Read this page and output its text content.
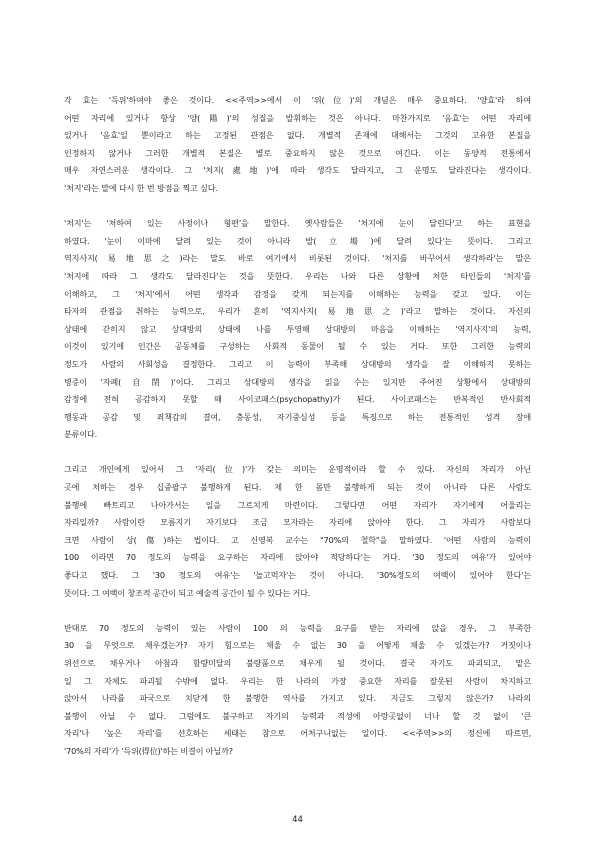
각 효는 '득위'하여야 좋은 것이다. <<주역>>에서 이 '위(位)'의 개념은 매우 중요하다. '양효'라 하여
어떤 자리에 있거나 항상 '양(陽)'의 성질을 발휘하는 것은 아니다. 마찬가지로 '음효'는 어떤 자리에
있거나 '음효'일 뿐이라고 하는 고정된 관점은 없다. 개별적 존재에 대해서는 그것의 고유한 본질을
인정하지 않거나 그러한 개별적 본질은 별로 중요하지 않은 것으로 여긴다. 이는 동양적 전통에서
매우 자연스러운 생각이다. 그 '처지(處地)'에 따라 생각도 달라지고, 그 운명도 달라진다는 생각이다.
'처지'라는 말에 다시 한 번 방점을 찍고 싶다.
'처지'는 '처하여 있는 사정이나 형편'을 말한다. 옛사람들은 '처지에 눈이 달린다'고 하는 표현을
하였다. '눈이 이마에 달려 있는 것이 아니라 발(立場)에 달려 있다'는 뜻이다. 그리고
역지사지(易地思之)라는 말도 바로 여기에서 비롯된 것이다. '처지를 바꾸어서 생각하라'는 말은
'처지에 따라 그 생각도 달라진다'는 것을 뜻한다. 우리는 나와 다른 상황에 처한 타인들의 '처지'를
이해하고, 그 '처지'에서 어떤 생각과 감정을 갖게 되는지를 이해하는 능력을 갖고 있다. 이는
타자의 관점을 취하는 능력으로, 우리가 흔히 '역지사지(易地思之)'라고 말하는 것이다. 자신의
상태에 갇히지 않고 상대방의 상태에 나를 투영해 상대방의 마음을 이해하는 '역지사지'의 능력,
이것이 있기에 인간은 공동체를 구성하는 사회적 동물이 될 수 있는 거다. 또한 그러한 능력의
정도가 사람의 사회성을 결정한다. 그리고 이 능력이 부족해 상대방의 생각을 잘 이해하지 못하는
병증이 '자폐(自閉)'이다. 그리고 상대방의 생각을 읽을 수는 있지만 주어진 상황에서 상대방의
감정에 전혀 공감하지 못할 때 사이코패스(psychopathy)가 된다. 사이코패스는 반복적인 반사회적
행동과 공감 및 죄책감의 결여, 충동성, 자기중심성 등을 특징으로 하는 전통적인 성격 장애
분류이다.
그리고 개인에게 있어서 그 '자리(位)'가 갖는 의미는 운명적이라 할 수 있다. 자신의 자리가 아닌
곳에 처하는 경우 십중팔구 불행하게 된다. 제 한 몸만 불행하게 되는 것이 아니라 다른 사람도
불행에 빠트리고 나아가서는 일을 그르치게 마련이다. 그렇다면 어떤 자리가 자기에게 어울리는
자리일까? 사람이란 모름지기 자기보다 조금 모자라는 자리에 앉아야 한다. 그 자리가 사람보다
크면 사람이 상(傷)하는 법이다. 고 신영복 교수는 "70%의 철학"을 말하였다. '어떤 사람의 능력이
100 이라면 70 정도의 능력을 요구하는 자리에 앉아야 적당하다'는 거다. '30 정도의 여유'가 있어야
좋다고 했다. 그 '30 정도의 여유'는 '놀고먹자'는 것이 아니다. '30%정도의 여백이 있어야 한다'는
뜻이다. 그 여백이 창조적 공간이 되고 예술적 공간이 될 수 있다는 거다.
반대로 70 정도의 능력이 있는 사람이 100 의 능력을 요구를 받는 자리에 앉을 경우, 그 부족한
30 을 무엇으로 채우겠는가? 자기 힘으로는 채울 수 없는 30 을 어떻게 채울 수 있겠는가? 거짓이나
위선으로 채우거나 아첨과 함량미달의 불량품으로 채우게 될 것이다. 결국 자기도 파괴되고, 맡은
일 그 자체도 파괴될 수밖에 없다. 우리는 한 나라의 가장 중요한 자리를 잘못된 사람이 차지하고
앉아서 나라를 파국으로 치닫게 한 불행한 역사를 가지고 있다. 지금도 그렇지 않은가? 나라의
불행이 아닐 수 없다. 그럼에도 불구하고 자기의 능력과 적성에 아랑곳없이 너나 할 것 없이 '큰
자리'나 '높은 자리'를 선호하는 세태는 참으로 어처구니없는 일이다. <<주역>>의 정신에 따르면,
'70%의 자리'가 '득위(得位)'하는 비결이 아닐까?
44
